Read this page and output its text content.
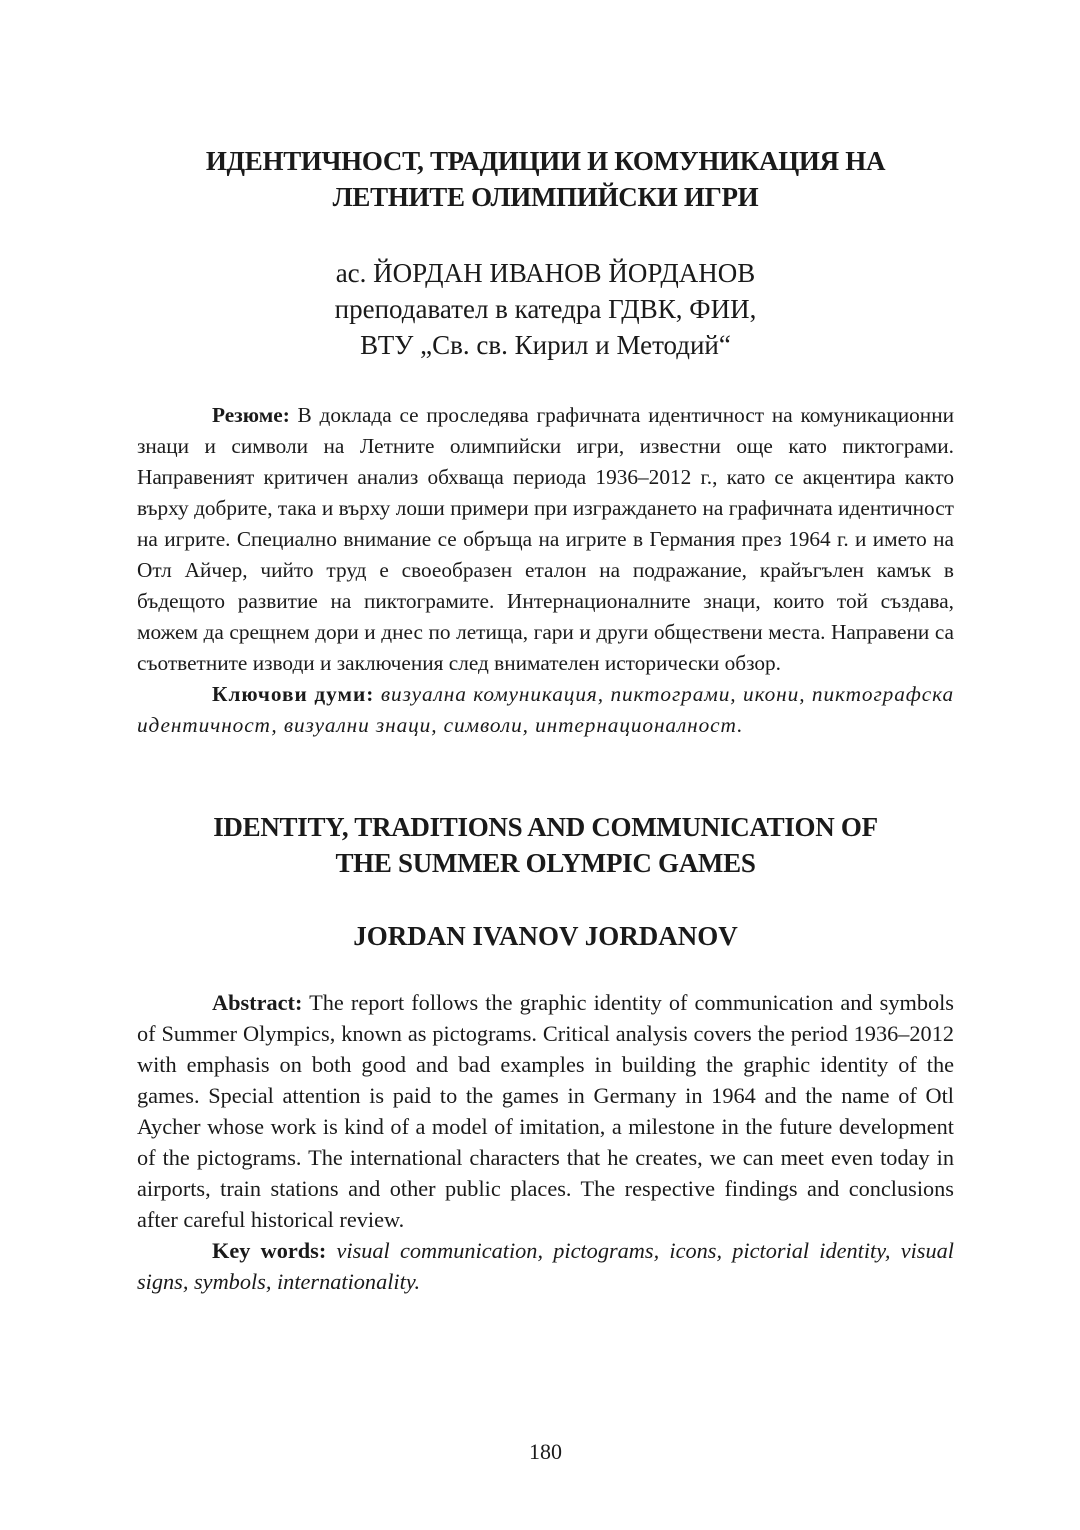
ИДЕНТИЧНОСТ, ТРАДИЦИИ И КОМУНИКАЦИЯ НА
ЛЕТНИТЕ ОЛИМПИЙСКИ ИГРИ
ас. ЙОРДАН ИВАНОВ ЙОРДАНОВ
преподавател в катедра ГДВК, ФИИ,
ВТУ „Св. св. Кирил и Методий“

Резюме: В доклада се проследява графичната идентичност на комуникационни знаци и символи на Летните олимпийски игри, известни още като пиктограми. Направеният критичен анализ обхваща периода 1936–2012 г., като се акцентира както върху добрите, така и върху лоши примери при изграждането на графичната идентичност на игрите. Специално внимание се обръща на игрите в Германия през 1964 г. и името на Отл Айчер, чийто труд е своеобразен еталон на подражание, крайъгълен камък в бъдещото развитие на пиктограмите. Интернационалните знаци, които той създава, можем да срещнем дори и днес по летища, гари и други обществени места. Направени са съответните изводи и заключения след внимателен исторически обзор.

Ключови думи: визуална комуникация, пиктограми, икони, пиктографска идентичност, визуални знаци, символи, интернационалност.

IDENTITY, TRADITIONS AND COMMUNICATION OF
THE SUMMER OLYMPIC GAMES
JORDAN IVANOV JORDANOV

Abstract: The report follows the graphic identity of communication and symbols of Summer Olympics, known as pictograms. Critical analysis covers the period 1936–2012 with emphasis on both good and bad examples in building the graphic identity of the games. Special attention is paid to the games in Germany in 1964 and the name of Otl Aycher whose work is kind of a model of imitation, a milestone in the future development of the pictograms. The international characters that he creates, we can meet even today in airports, train stations and other public places. The respective findings and conclusions after careful historical review.

Key words: visual communication, pictograms, icons, pictorial identity, visual signs, symbols, internationality.

180
